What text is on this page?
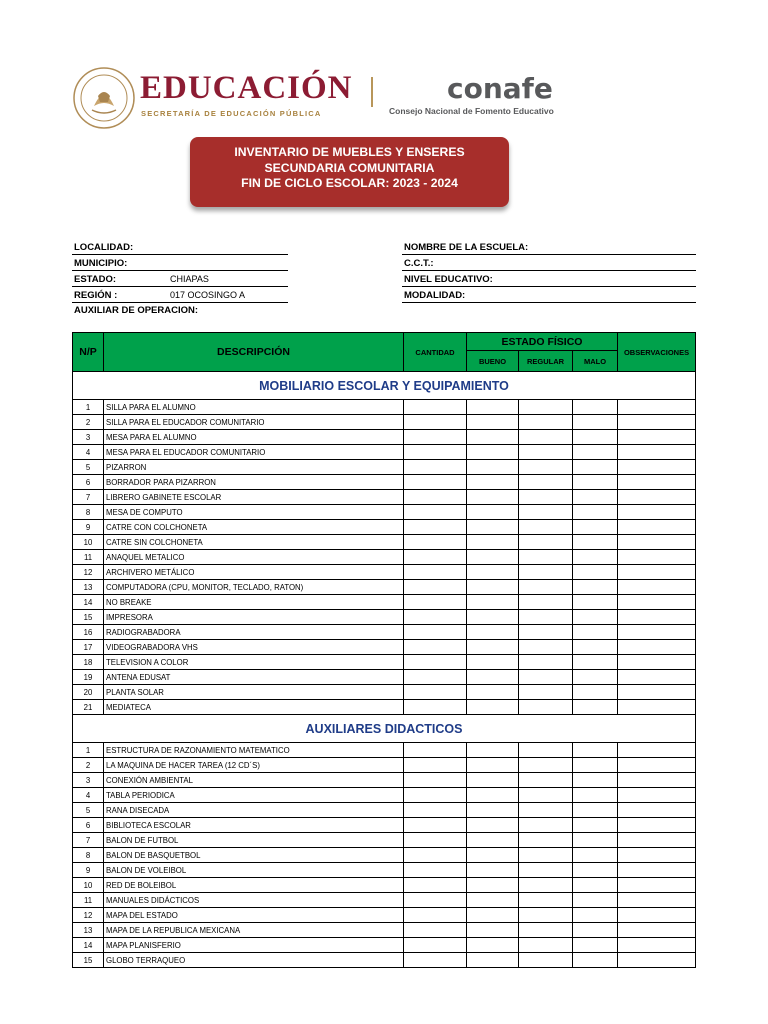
EDUCACIÓN
SECRETARÍA DE EDUCACIÓN PÚBLICA
conafe
Consejo Nacional de Fomento Educativo
INVENTARIO DE MUEBLES Y ENSERES
SECUNDARIA COMUNITARIA
FIN DE CICLO ESCOLAR: 2023 - 2024
LOCALIDAD:
MUNICIPIO:
ESTADO:	CHIAPAS
REGIÓN :	017 OCOSINGO A
AUXILIAR DE OPERACION:
NOMBRE DE LA ESCUELA:
C.C.T.:
NIVEL EDUCATIVO:
MODALIDAD:
N/P	DESCRIPCIÓN	CANTIDAD	ESTADO FÍSICO			OBSERVACIONES
			BUENO	REGULAR	MALO	
MOBILIARIO ESCOLAR Y EQUIPAMIENTO						
1	SILLA PARA EL ALUMNO					
2	SILLA PARA EL EDUCADOR COMUNITARIO					
3	MESA PARA EL ALUMNO					
4	MESA PARA EL EDUCADOR COMUNITARIO					
5	PIZARRON					
6	BORRADOR PARA PIZARRON					
7	LIBRERO GABINETE ESCOLAR					
8	MESA DE COMPUTO					
9	CATRE CON COLCHONETA					
10	CATRE SIN COLCHONETA					
11	ANAQUEL METALICO					
12	ARCHIVERO METÁLICO					
13	COMPUTADORA (CPU, MONITOR, TECLADO, RATON)					
14	NO BREAKE					
15	IMPRESORA					
16	RADIOGRABADORA					
17	VIDEOGRABADORA VHS					
18	TELEVISION A COLOR					
19	ANTENA EDUSAT					
20	PLANTA SOLAR					
21	MEDIATECA					
AUXILIARES DIDACTICOS						
1	ESTRUCTURA DE RAZONAMIENTO MATEMATICO					
2	LA MAQUINA DE HACER TAREA (12 CD´S)					
3	CONEXIÓN AMBIENTAL					
4	TABLA PERIODICA					
5	RANA DISECADA					
6	BIBLIOTECA ESCOLAR					
7	BALON DE FUTBOL					
8	BALON DE BASQUETBOL					
9	BALON DE VOLEIBOL					
10	RED DE BOLEIBOL					
11	MANUALES DIDÁCTICOS					
12	MAPA DEL ESTADO					
13	MAPA DE LA REPUBLICA MEXICANA					
14	MAPA PLANISFERIO					
15	GLOBO TERRAQUEO					
